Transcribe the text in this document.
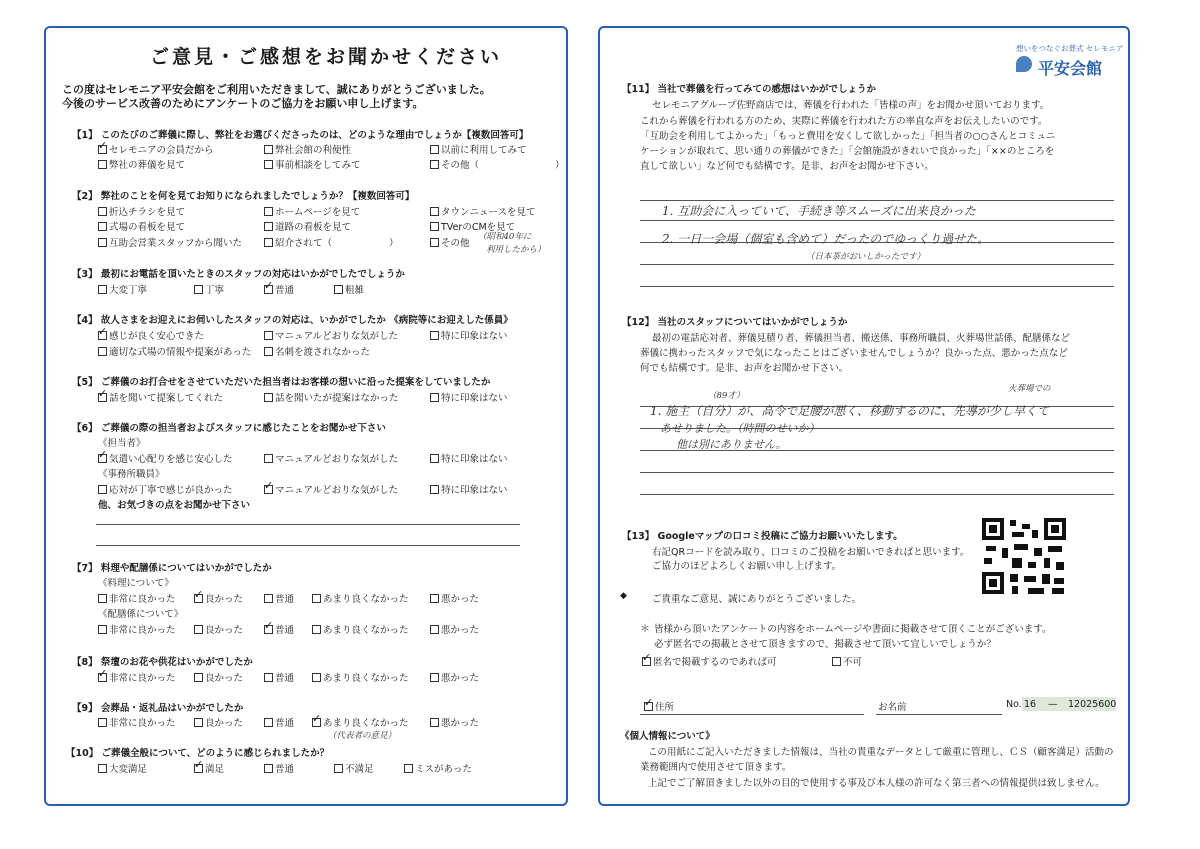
ご意見・ご感想をお聞かせください
この度はセレモニア平安会館をご利用いただきまして、誠にありがとうございました。
今後のサービス改善のためにアンケートのご協力をお願い申し上げます。
【1】 このたびのご葬儀に際し、弊社をお選びくださったのは、どのような理由でしょうか【複数回答可】
✓セレモニアの会員だから	弊社会館の利便性	以前に利用してみて
弊社の葬儀を見て	事前相談をしてみて	その他（　　　　　　　　）
【2】 弊社のことを何を見てお知りになられましたでしょうか？【複数回答可】
折込チラシを見て	ホームページを見て	タウンニュースを見て
式場の看板を見て	道路の看板を見て	TVerのCMを見て
互助会営業スタッフから聞いた	紹介されて（　　　　　　）	その他
（昭和40年に
利用したから）
【3】 最初にお電話を頂いたときのスタッフの対応はいかがでしたでしょうか
大変丁寧	丁寧 ✓	普通	粗雑
【4】 故人さまをお迎えにお伺いしたスタッフの対応は、いかがでしたか 《病院等にお迎えした係員》
✓感じが良く安心できた	マニュアルどおりな気がした	特に印象はない
適切な式場の情報や提案があった	名刺を渡されなかった
【5】 ご葬儀のお打合せをさせていただいた担当者はお客様の想いに沿った提案をしていましたか
✓話を聞いて提案してくれた	話を聞いたが提案はなかった	特に印象はない
【6】 ご葬儀の際の担当者およびスタッフに感じたことをお聞かせ下さい
《担当者》
✓気遣い心配りを感じ安心した	マニュアルどおりな気がした	特に印象はない
《事務所職員》
応対が丁寧で感じが良かった ✓	マニュアルどおりな気がした	特に印象はない
他、お気づきの点をお聞かせ下さい
【7】 料理や配膳係についてはいかがでしたか
《料理について》
非常に良かった ✓	良かった	普通	あまり良くなかった	悪かった
《配膳係について》
非常に良かった	良かった ✓	普通	あまり良くなかった	悪かった
【8】 祭壇のお花や供花はいかがでしたか
✓非常に良かった	良かった	普通	あまり良くなかった	悪かった
【9】 会葬品・返礼品はいかがでしたか
非常に良かった	良かった	普通 ✓	あまり良くなかった	悪かった
（代表者の意見）
【10】 ご葬儀全般について、どのように感じられましたか？
大変満足 ✓	満足	普通	不満足	ミスがあった
想いをつなぐお葬式 セレモニア
平安会館
【11】 当社で葬儀を行ってみての感想はいかがでしょうか
セレモニアグループ佐野商店では、葬儀を行われた「皆様の声」をお聞かせ頂いております。
これから葬儀を行われる方のため、実際に葬儀を行われた方の率直な声をお伝えしたいのです。
「互助会を利用してよかった」「もっと費用を安くして欲しかった」「担当者の○○さんとコミュニ
ケーションが取れて、思い通りの葬儀ができた」「会館施設がきれいで良かった」「××のところを
直して欲しい」など何でも結構です。是非、お声をお聞かせ下さい。
1. 互助会に入っていて、手続き等スムーズに出来良かった
2. 一日一会場（個室も含めて）だったのでゆっくり過せた。
（日本茶がおいしかったです）
【12】 当社のスタッフについてはいかがでしょうか
最初の電話応対者、葬儀見積り者、葬儀担当者、搬送係、事務所職員、火葬場世話係、配膳係など
葬儀に携わったスタッフで気になったことはございませんでしょうか？良かった点、悪かった点など
何でも結構です。是非、お声をお聞かせ下さい。
（89才）
火葬場での
1. 施主（自分）が、高令で足腰が悪く、移動するのに、先導が少し早くて
あせりました。（時間のせいか）
他は別にありません。
【13】 Googleマップの口コミ投稿にご協力お願いいたします。
右記QRコードを読み取り、口コミのご投稿をお願いできればと思います。
ご協力のほどよろしくお願い申し上げます。
◆	ご貴重なご意見、誠にありがとうございました。
＊ 皆様から頂いたアンケートの内容をホームページや書面に掲載させて頂くことがございます。
必ず匿名での掲載とさせて頂きますので、掲載させて頂いて宜しいでしょうか？
✓匿名で掲載するのであれば可	不可
✓住所	お名前	No. 16 — 12025600
《個人情報について》
この用紙にご記入いただきました情報は、当社の貴重なデータとして厳重に管理し、ＣＳ（顧客満足）活動の
業務範囲内で使用させて頂きます。
上記でご了解頂きました以外の目的で使用する事及び本人様の許可なく第三者への情報提供は致しません。
